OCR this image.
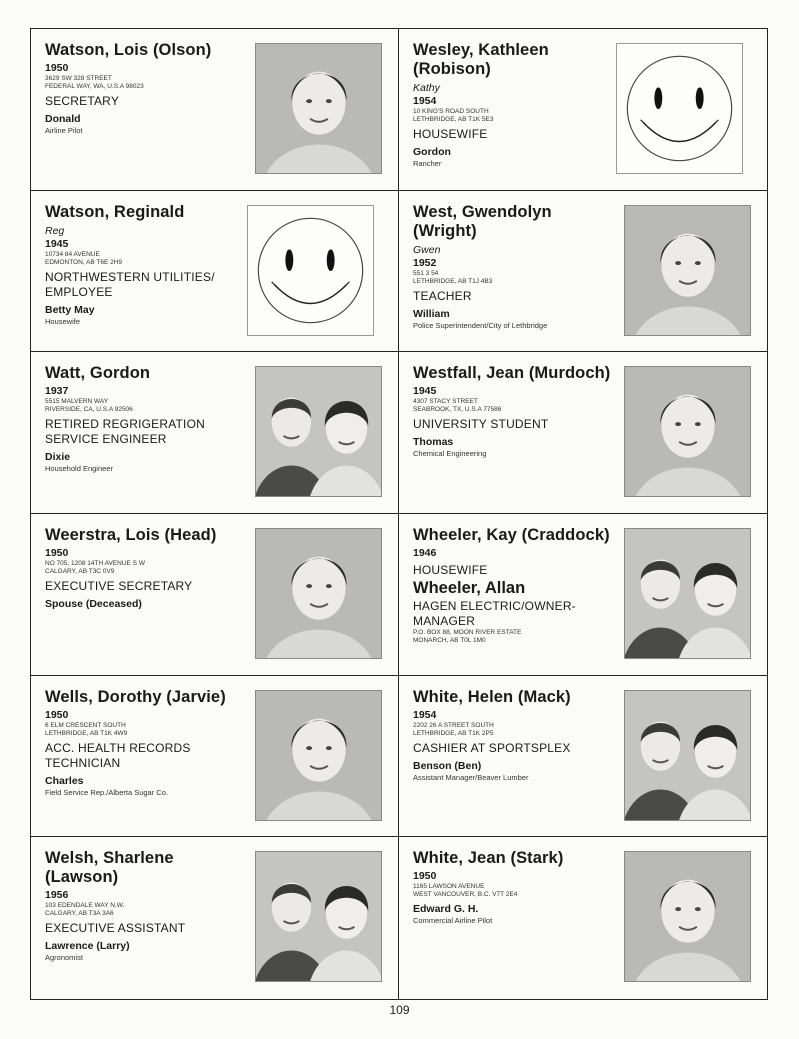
Watson, Lois (Olson)
1950
3629 SW 328 STREET
FEDERAL WAY, WA, U.S.A 98023
SECRETARY
Donald
Airline Pilot
Wesley, Kathleen (Robison)
Kathy
1954
10 KING'S ROAD SOUTH
LETHBRIDGE, AB T1K 5E3
HOUSEWIFE
Gordon
Rancher
Watson, Reginald
Reg
1945
10734 84 AVENUE
EDMONTON, AB T6E 2H9
NORTHWESTERN UTILITIES/ EMPLOYEE
Betty May
Housewife
West, Gwendolyn (Wright)
Gwen
1952
551 3 54
LETHBRIDGE, AB T1J 4B3
TEACHER
William
Police Superintendent/City of Lethbridge
Watt, Gordon
1937
5515 MALVERN WAY
RIVERSIDE, CA, U.S.A 92506
RETIRED REGRIGERATION SERVICE ENGINEER
Dixie
Household Engineer
Westfall, Jean (Murdoch)
1945
4307 STACY STREET
SEABROOK, TX, U.S.A 77586
UNIVERSITY STUDENT
Thomas
Chemical Engineering
Weerstra, Lois (Head)
1950
NO 705, 1208 14TH AVENUE S W
CALGARY, AB T3C 0V9
EXECUTIVE SECRETARY
Spouse (Deceased)
Wheeler, Kay (Craddock)
1946
HOUSEWIFE
Wheeler, Allan
HAGEN ELECTRIC/OWNER-MANAGER
P.O. BOX 88, MOON RIVER ESTATE
MONARCH, AB T0L 1M0
Wells, Dorothy (Jarvie)
1950
6 ELM CRESCENT SOUTH
LETHBRIDGE, AB T1K 4W9
ACC. HEALTH RECORDS TECHNICIAN
Charles
Field Service Rep./Alberta Sugar Co.
White, Helen (Mack)
1954
2202 26 A STREET SOUTH
LETHBRIDGE, AB T1K 2P5
CASHIER AT SPORTSPLEX
Benson (Ben)
Assistant Manager/Beaver Lumber
Welsh, Sharlene (Lawson)
1956
103 EDENDALE WAY N.W.
CALGARY, AB T3A 3A6
EXECUTIVE ASSISTANT
Lawrence (Larry)
Agronomist
White, Jean (Stark)
1950
1165 LAWSON AVENUE
WEST VANCOUVER, B.C. V7T 2E4
Edward G. H.
Commercial Airline Pilot
109
